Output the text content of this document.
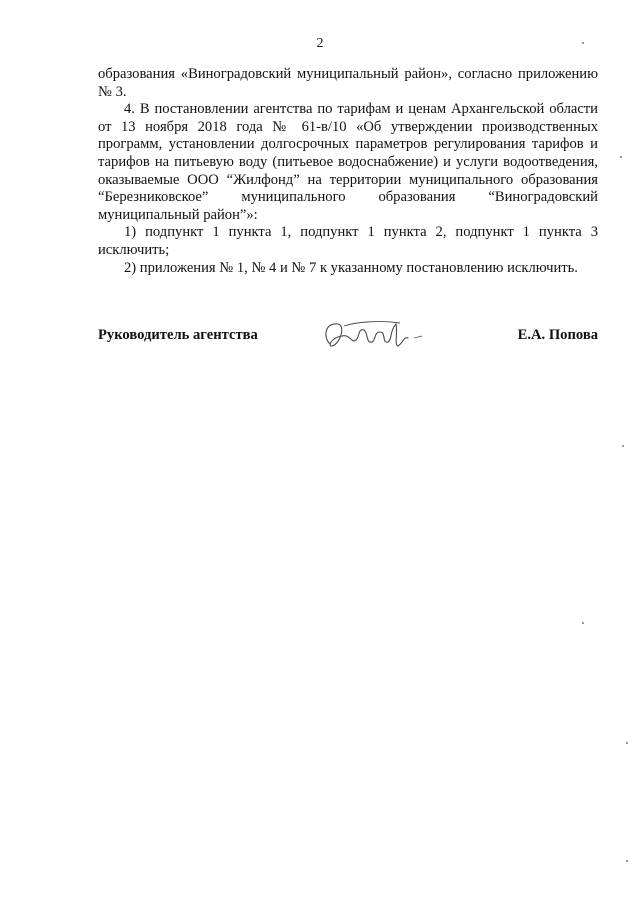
2

образования «Виноградовский муниципальный район», согласно приложению № 3.

4. В постановлении агентства по тарифам и ценам Архангельской области от 13 ноября 2018 года № 61-в/10 «Об утверждении производственных программ, установлении долгосрочных параметров регулирования тарифов и тарифов на питьевую воду (питьевое водоснабжение) и услуги водоотведения, оказываемые ООО “Жилфонд” на территории муниципального образования “Березниковское” муниципального образования “Виноградовский муниципальный район”»:

1) подпункт 1 пункта 1, подпункт 1 пункта 2, подпункт 1 пункта 3 исключить;

2) приложения № 1, № 4 и № 7 к указанному постановлению исключить.

Руководитель агентства	Е.А. Попова
